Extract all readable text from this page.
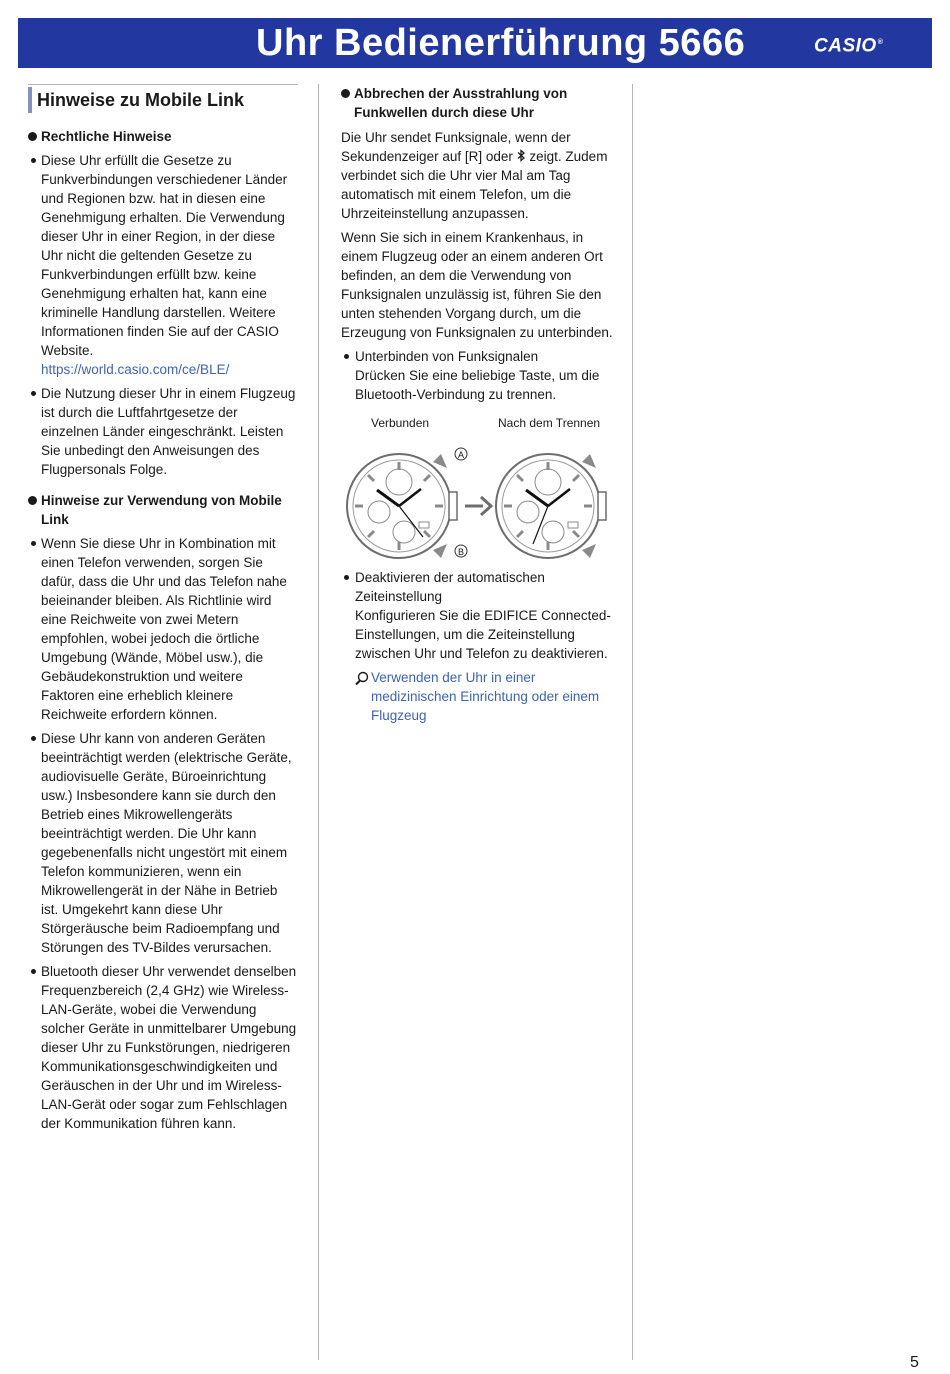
Uhr Bedienerführung 5666	CASIO®
Hinweise zu Mobile Link
Rechtliche Hinweise
Diese Uhr erfüllt die Gesetze zu Funkverbindungen verschiedener Länder und Regionen bzw. hat in diesen eine Genehmigung erhalten. Die Verwendung dieser Uhr in einer Region, in der diese Uhr nicht die geltenden Gesetze zu Funkverbindungen erfüllt bzw. keine Genehmigung erhalten hat, kann eine kriminelle Handlung darstellen. Weitere Informationen finden Sie auf der CASIO Website.
https://world.casio.com/ce/BLE/
Die Nutzung dieser Uhr in einem Flugzeug ist durch die Luftfahrtgesetze der einzelnen Länder eingeschränkt. Leisten Sie unbedingt den Anweisungen des Flugpersonals Folge.
Hinweise zur Verwendung von Mobile Link
Wenn Sie diese Uhr in Kombination mit einen Telefon verwenden, sorgen Sie dafür, dass die Uhr und das Telefon nahe beieinander bleiben. Als Richtlinie wird eine Reichweite von zwei Metern empfohlen, wobei jedoch die örtliche Umgebung (Wände, Möbel usw.), die Gebäudekonstruktion und weitere Faktoren eine erheblich kleinere Reichweite erfordern können.
Diese Uhr kann von anderen Geräten beeinträchtigt werden (elektrische Geräte, audiovisuelle Geräte, Büroeinrichtung usw.) Insbesondere kann sie durch den Betrieb eines Mikrowellengeräts beeinträchtigt werden. Die Uhr kann gegebenenfalls nicht ungestört mit einem Telefon kommunizieren, wenn ein Mikrowellengerät in der Nähe in Betrieb ist. Umgekehrt kann diese Uhr Störgeräusche beim Radioempfang und Störungen des TV-Bildes verursachen.
Bluetooth dieser Uhr verwendet denselben Frequenzbereich (2,4 GHz) wie Wireless-LAN-Geräte, wobei die Verwendung solcher Geräte in unmittelbarer Umgebung dieser Uhr zu Funkstörungen, niedrigeren Kommunikationsgeschwindigkeiten und Geräuschen in der Uhr und im Wireless-LAN-Gerät oder sogar zum Fehlschlagen der Kommunikation führen kann.
Abbrechen der Ausstrahlung von Funkwellen durch diese Uhr

Die Uhr sendet Funksignale, wenn der Sekundenzeiger auf [R] oder zeigt. Zudem verbindet sich die Uhr vier Mal am Tag automatisch mit einem Telefon, um die Uhrzeiteinstellung anzupassen.

Wenn Sie sich in einem Krankenhaus, in einem Flugzeug oder an einem anderen Ort befinden, an dem die Verwendung von Funksignalen unzulässig ist, führen Sie den unten stehenden Vorgang durch, um die Erzeugung von Funksignalen zu unterbinden.

Unterbinden von Funksignalen
Drücken Sie eine beliebige Taste, um die Bluetooth-Verbindung zu trennen.
Verbunden	Nach dem Trennen
A
B
Deaktivieren der automatischen Zeiteinstellung
Konfigurieren Sie die EDIFICE Connected-Einstellungen, um die Zeiteinstellung zwischen Uhr und Telefon zu deaktivieren.
Verwenden der Uhr in einer medizinischen Einrichtung oder einem Flugzeug
5
